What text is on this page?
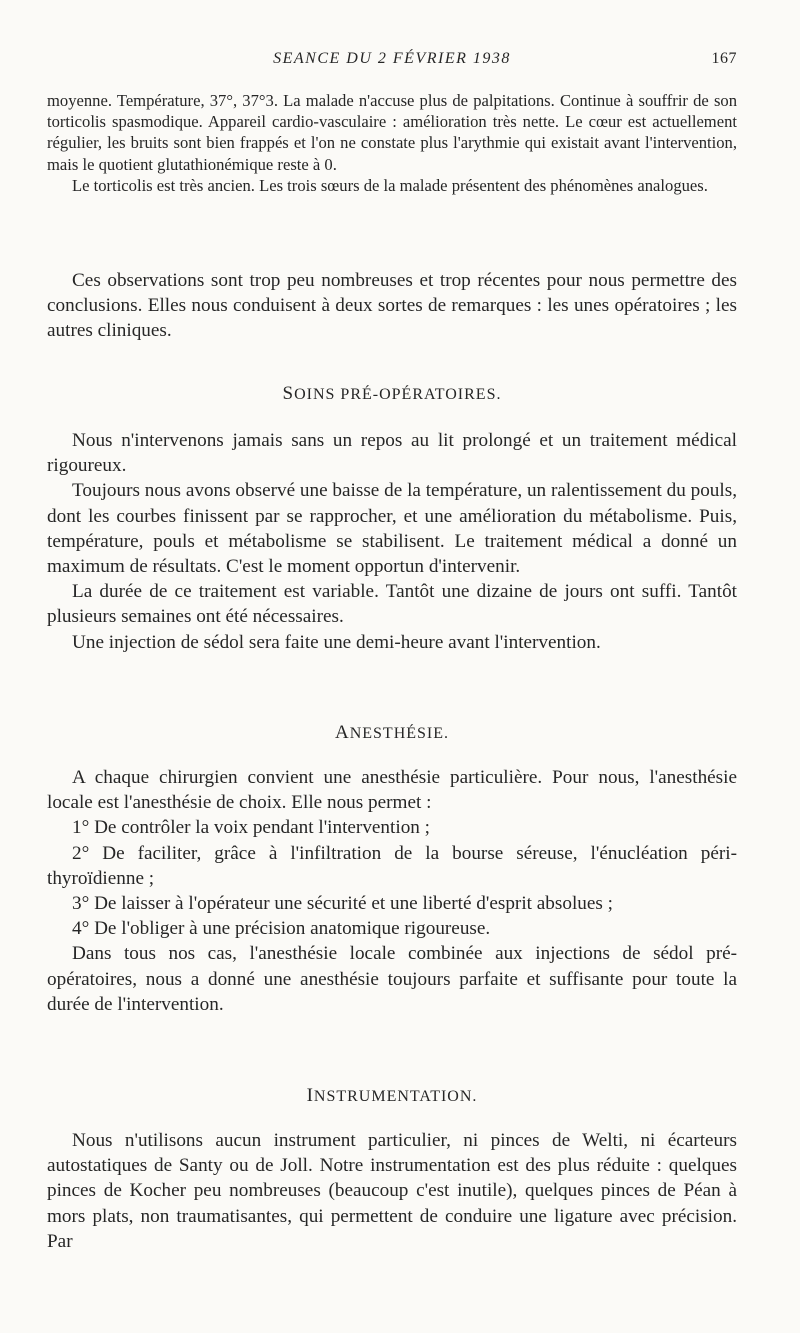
SEANCE DU 2 FÉVRIER 1938	167

moyenne. Température, 37°, 37°3. La malade n'accuse plus de palpitations. Continue à souffrir de son torticolis spasmodique. Appareil cardio-vasculaire : amélioration très nette. Le cœur est actuellement régulier, les bruits sont bien frappés et l'on ne constate plus l'arythmie qui existait avant l'intervention, mais le quotient glutathionémique reste à 0.

Le torticolis est très ancien. Les trois sœurs de la malade présentent des phénomènes analogues.

Ces observations sont trop peu nombreuses et trop récentes pour nous permettre des conclusions. Elles nous conduisent à deux sortes de remarques : les unes opératoires ; les autres cliniques.

SOINS PRÉ-OPÉRATOIRES.

Nous n'intervenons jamais sans un repos au lit prolongé et un traitement médical rigoureux.

Toujours nous avons observé une baisse de la température, un ralentissement du pouls, dont les courbes finissent par se rapprocher, et une amélioration du métabolisme. Puis, température, pouls et métabolisme se stabilisent. Le traitement médical a donné un maximum de résultats. C'est le moment opportun d'intervenir.

La durée de ce traitement est variable. Tantôt une dizaine de jours ont suffi. Tantôt plusieurs semaines ont été nécessaires.

Une injection de sédol sera faite une demi-heure avant l'intervention.

ANESTHÉSIE.

A chaque chirurgien convient une anesthésie particulière. Pour nous, l'anesthésie locale est l'anesthésie de choix. Elle nous permet :

1° De contrôler la voix pendant l'intervention ;

2° De faciliter, grâce à l'infiltration de la bourse séreuse, l'énucléation péri-thyroïdienne ;

3° De laisser à l'opérateur une sécurité et une liberté d'esprit absolues ;

4° De l'obliger à une précision anatomique rigoureuse.

Dans tous nos cas, l'anesthésie locale combinée aux injections de sédol pré-opératoires, nous a donné une anesthésie toujours parfaite et suffisante pour toute la durée de l'intervention.

INSTRUMENTATION.

Nous n'utilisons aucun instrument particulier, ni pinces de Welti, ni écarteurs autostatiques de Santy ou de Joll. Notre instrumentation est des plus réduite : quelques pinces de Kocher peu nombreuses (beaucoup c'est inutile), quelques pinces de Péan à mors plats, non traumatisantes, qui permettent de conduire une ligature avec précision. Par
